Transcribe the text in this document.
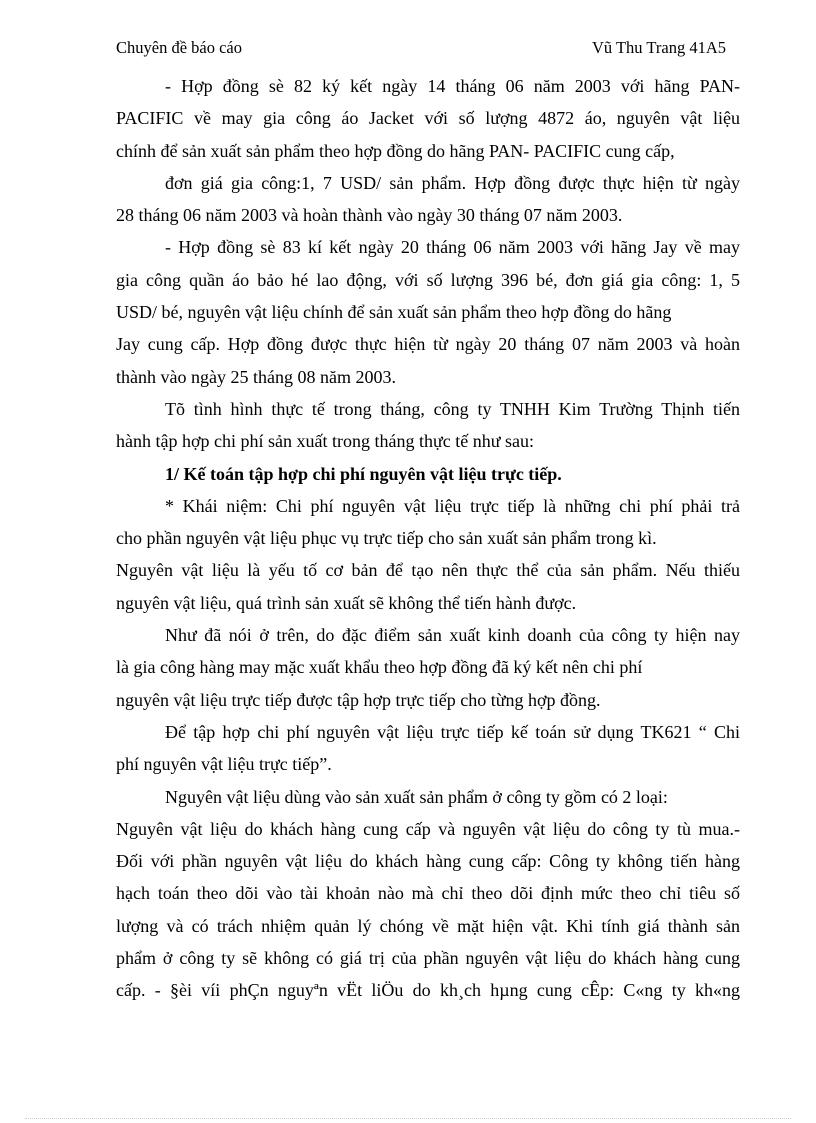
Chuyên đề báo cáo	Vũ Thu Trang 41A5
- Hợp đồng sè 82 ký kết ngày 14 tháng 06 năm 2003 với hãng PAN-
PACIFIC về may gia công áo Jacket với số lượng 4872 áo, nguyên vật liệu
chính để sản xuất sản phẩm theo hợp đồng do hãng PAN- PACIFIC cung cấp,
đơn giá gia công:1, 7 USD/ sản phẩm. Hợp đồng được thực hiện từ ngày
28 tháng 06 năm 2003 và hoàn thành vào ngày 30 tháng 07 năm 2003.
- Hợp đồng sè 83 kí kết ngày 20 tháng 06 năm 2003 với hãng Jay về may
gia công quần áo bảo hé lao động, với số lượng 396 bé, đơn giá gia công: 1, 5
USD/ bé, nguyên vật liệu chính để sản xuất sản phẩm theo hợp đồng do hãng
Jay cung cấp. Hợp đồng được thực hiện từ ngày 20 tháng 07 năm 2003 và hoàn
thành vào ngày 25 tháng 08 năm 2003.
Tõ tình hình thực tế trong tháng, công ty TNHH Kim Trường Thịnh tiến
hành tập hợp chi phí sản xuất trong tháng thực tế như sau:
1/ Kế toán tập hợp chi phí nguyên vật liệu trực tiếp.
* Khái niệm: Chi phí nguyên vật liệu trực tiếp là những chi phí phải trả
cho phần nguyên vật liệu phục vụ trực tiếp cho sản xuất sản phẩm trong kì.
Nguyên vật liệu là yếu tố cơ bản để tạo nên thực thể của sản phẩm. Nếu thiếu
nguyên vật liệu, quá trình sản xuất sẽ không thể tiến hành được.
Như đã nói ở trên, do đặc điểm sản xuất kinh doanh của công ty hiện nay
là gia công hàng may mặc xuất khẩu theo hợp đồng đã ký kết nên chi phí
nguyên vật liệu trực tiếp được tập hợp trực tiếp cho từng hợp đồng.
Để tập hợp chi phí nguyên vật liệu trực tiếp kế toán sử dụng TK621 “ Chi
phí nguyên vật liệu trực tiếp”.
Nguyên vật liệu dùng vào sản xuất sản phẩm ở công ty gồm có 2 loại:
Nguyên vật liệu do khách hàng cung cấp và nguyên vật liệu do công ty tù mua.-
Đối với phần nguyên vật liệu do khách hàng cung cấp: Công ty không tiến hàng
hạch toán theo dõi vào tài khoản nào mà chỉ theo dõi định mức theo chỉ tiêu số
lượng và có trách nhiệm quản lý chóng về mặt hiện vật. Khi tính giá thành sản
phẩm ở công ty sẽ không có giá trị của phần nguyên vật liệu do khách hàng cung
cấp. - §èi víi phÇn nguyªn vËt liÖu do kh¸ch hµng cung cÊp: C«ng ty kh«ng
